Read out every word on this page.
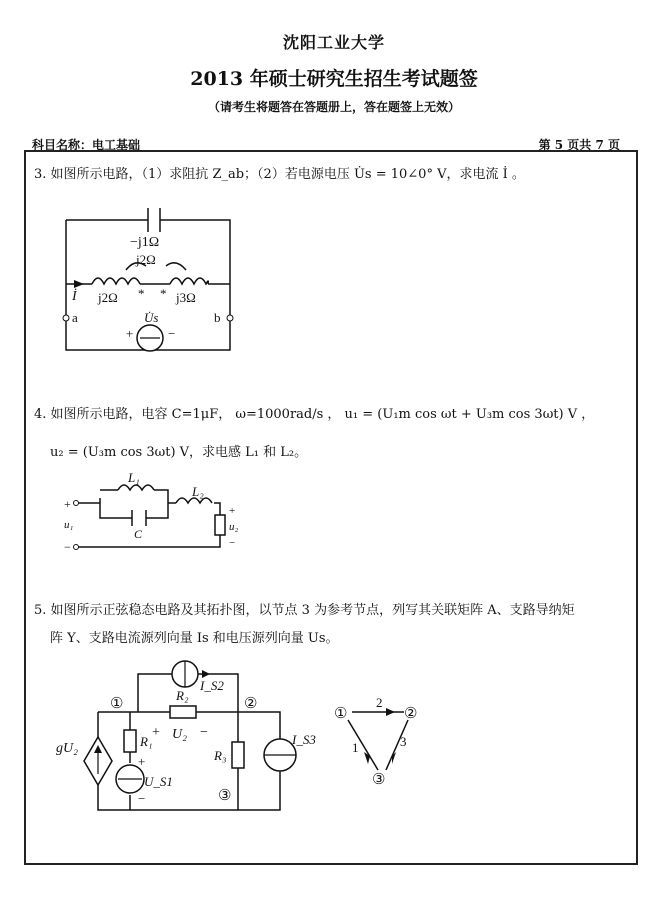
沈阳工业大学
2013 年硕士研究生招生考试题签
（请考生将题答在答题册上，答在题签上无效）
科目名称：电工基础	第 5 页共 7 页
3. 如图所示电路，（1）求阻抗 Z_ab；（2）若电源电压 U̇s = 10∠0° V，求电流 İ 。
−j1Ω
j2Ω
j2Ω	j3Ω
* *
İ
a	b
U̇s
+	−
4. 如图所示电路，电容 C=1μF， ω=1000rad/s ， u₁ = (U₁m cos ωt + U₃m cos 3ωt) V ，
u₂ = (U₃m cos 3ωt) V，求电感 L₁ 和 L₂。
L₁
L₂
C
+
−
u₁
+
u₂
−
5. 如图所示正弦稳态电路及其拓扑图，以节点 3 为参考节点，列写其关联矩阵 A、支路导纳矩
阵 Y、支路电流源列向量 Is 和电压源列向量 Us。
①	②
③
I_S2
R₂
+ U₂ −
gU₂	R₁
+
U_S1
−
R₃
I_S3
①	②
③
2
1	3
